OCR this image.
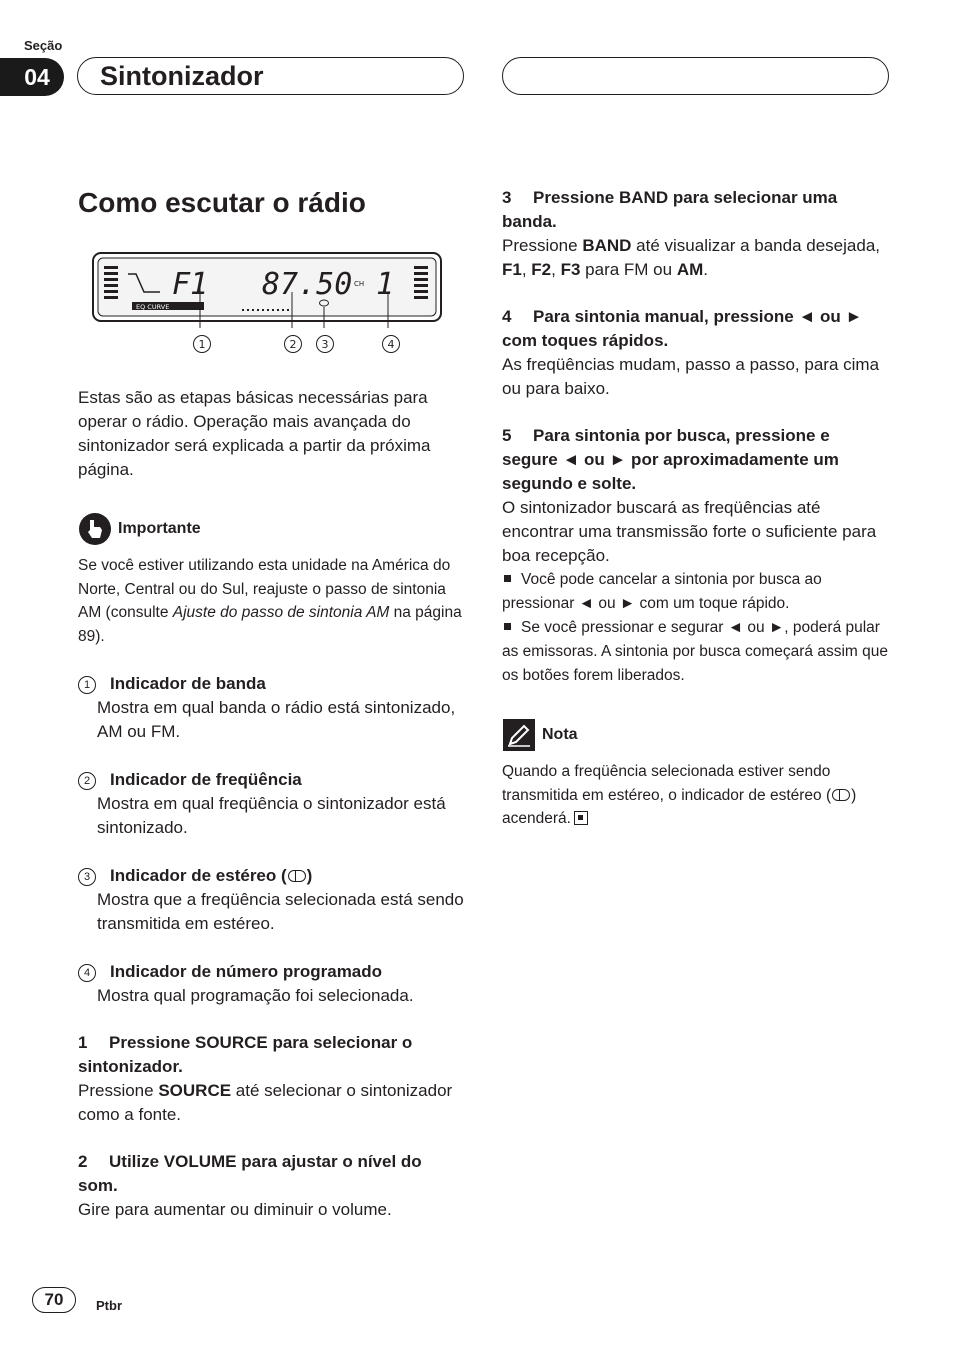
Seção
04	Sintonizador
Como escutar o rádio
F1 87.50 CH 1
EQ CURVE
1	2 3	4

Estas são as etapas básicas necessárias para operar o rádio. Operação mais avançada do sintonizador será explicada a partir da próxima página.

Importante

Se você estiver utilizando esta unidade na América do Norte, Central ou do Sul, reajuste o passo de sintonia AM (consulte Ajuste do passo de sintonia AM na página 89).

1 Indicador de banda

Mostra em qual banda o rádio está sintonizado, AM ou FM.

2 Indicador de freqüência

Mostra em qual freqüência o sintonizador está sintonizado.

3 Indicador de estéreo ( )

Mostra que a freqüência selecionada está sendo transmitida em estéreo.

4 Indicador de número programado

Mostra qual programação foi selecionada.

1 Pressione SOURCE para selecionar o sintonizador.

Pressione SOURCE até selecionar o sintonizador como a fonte.

2 Utilize VOLUME para ajustar o nível do som.

Gire para aumentar ou diminuir o volume.

3 Pressione BAND para selecionar uma banda.

Pressione BAND até visualizar a banda desejada, F1, F2, F3 para FM ou AM.

4 Para sintonia manual, pressione ◄ ou ► com toques rápidos.

As freqüências mudam, passo a passo, para cima ou para baixo.

5 Para sintonia por busca, pressione e segure ◄ ou ► por aproximadamente um segundo e solte.

O sintonizador buscará as freqüências até encontrar uma transmissão forte o suficiente para boa recepção.

Você pode cancelar a sintonia por busca ao pressionar ◄ ou ► com um toque rápido.

Se você pressionar e segurar ◄ ou ►, poderá pular as emissoras. A sintonia por busca começará assim que os botões forem liberados.

Nota

Quando a freqüência selecionada estiver sendo transmitida em estéreo, o indicador de estéreo ( ) acenderá.

70	Ptbr
